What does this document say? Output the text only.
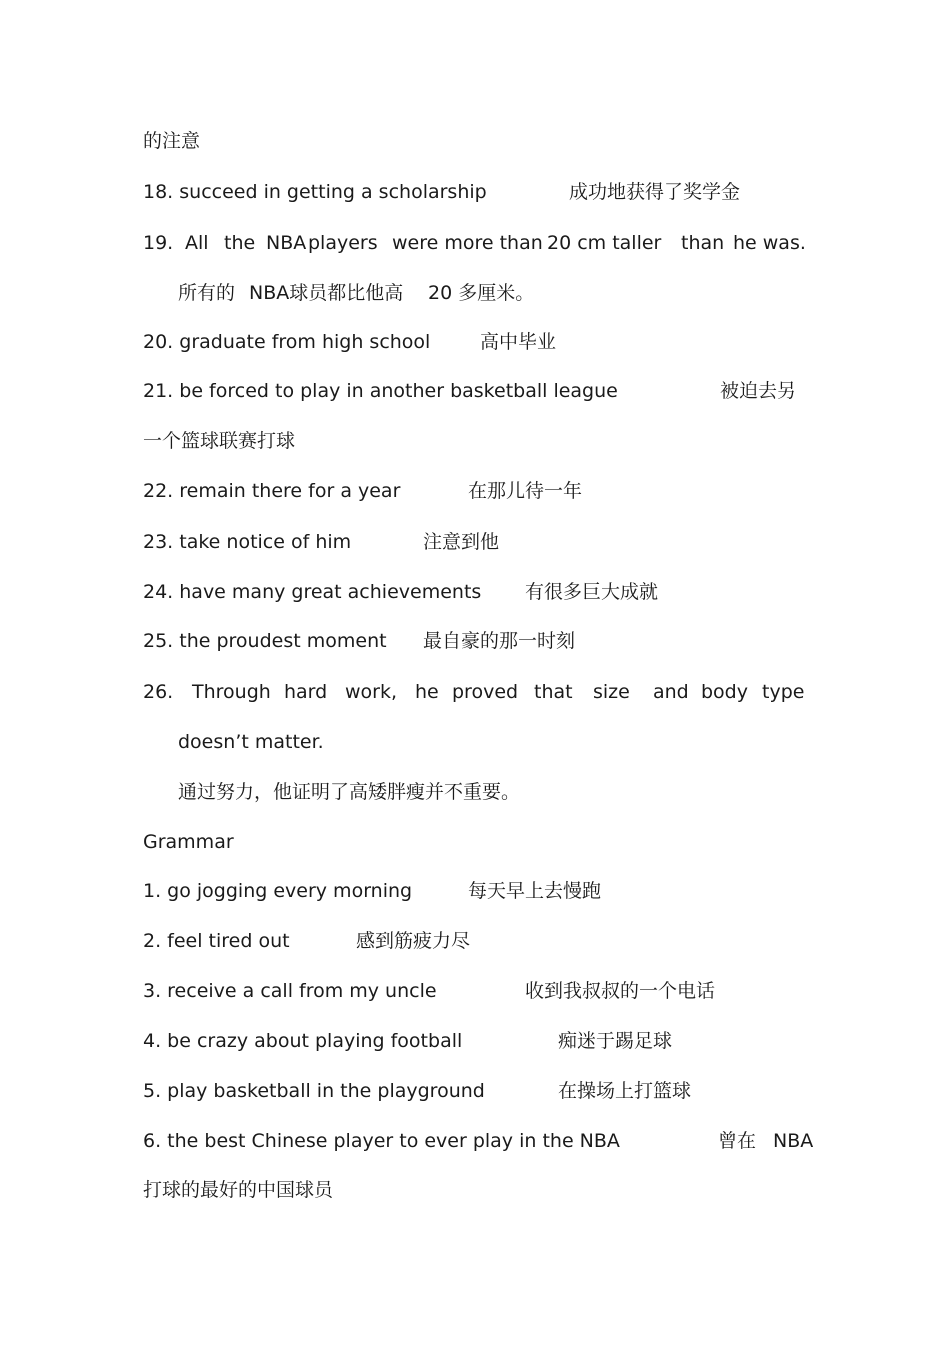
的注意
18. succeed in getting a scholarship	成功地获得了奖学金
19. All the NBA players were more than 20 cm taller than he was.
所有的 NBA球员都比他高 20 多厘米。
20. graduate from high school	高中毕业
21. be forced to play in another basketball league	被迫去另
一个篮球联赛打球
22. remain there for a year	在那儿待一年
23. take notice of him	注意到他
24. have many great achievements 有很多巨大成就
25. the proudest moment 最自豪的那一时刻
26. Through hard work, he proved that size and body type
doesn’t matter.
通过努力，他证明了高矮胖瘦并不重要。
Grammar
1. go jogging every morning	每天早上去慢跑
2. feel tired out	感到筋疲力尽
3. receive a call from my uncle	收到我叔叔的一个电话
4. be crazy about playing football	痴迷于踢足球
5. play basketball in the playground	在操场上打篮球
6. the best Chinese player to ever play in the NBA	曾在 NBA
打球的最好的中国球员
